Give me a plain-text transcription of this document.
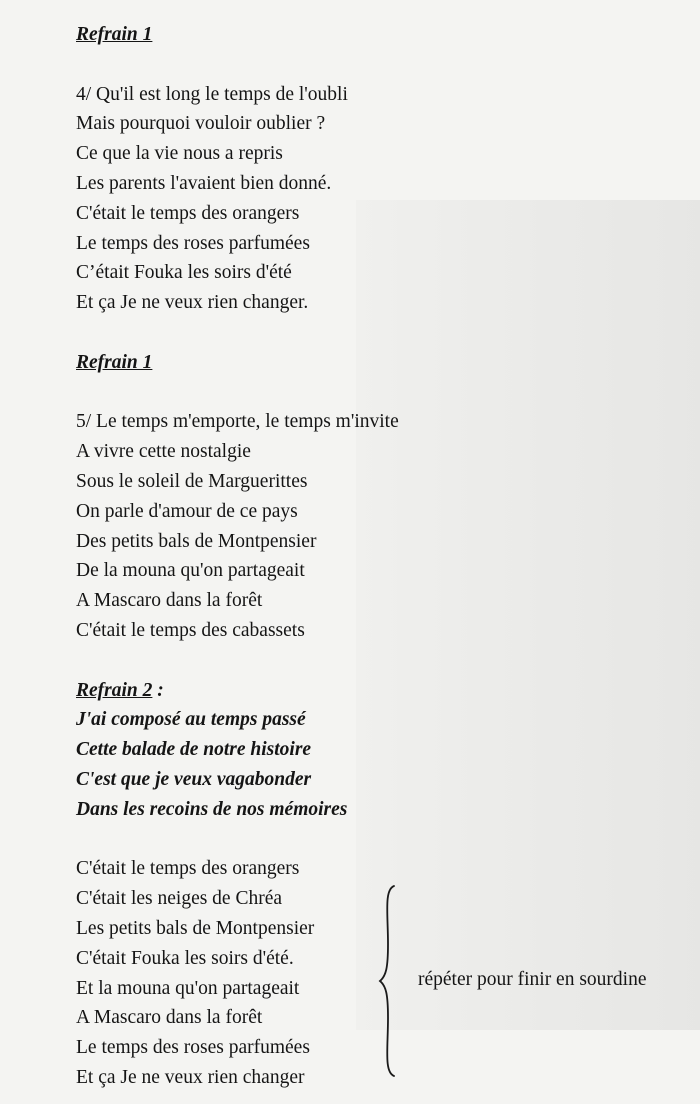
Refrain 1
4/ Qu'il est long le temps de l'oubli
Mais pourquoi vouloir oublier ?
Ce que la vie nous a repris
Les parents l'avaient bien donné.
C'était le temps des orangers
Le temps des roses parfumées
C’était Fouka les soirs d'été
Et ça Je ne veux rien changer.
Refrain 1
5/ Le temps m'emporte, le temps m'invite
A vivre cette nostalgie
Sous le soleil de Marguerittes
On parle d'amour de ce pays
Des petits bals de Montpensier
De la mouna qu'on partageait
A Mascaro dans la forêt
C'était le temps des cabassets
Refrain 2 :
J'ai composé au temps passé
Cette balade de notre histoire
C'est que je veux vagabonder
Dans les recoins de nos mémoires
C'était le temps des orangers
C'était les neiges de Chréa
Les petits bals de Montpensier
C'était Fouka les soirs d'été.
Et la mouna qu'on partageait
A Mascaro dans la forêt
Le temps des roses parfumées
Et ça Je ne veux rien changer
répéter pour finir en sourdine
